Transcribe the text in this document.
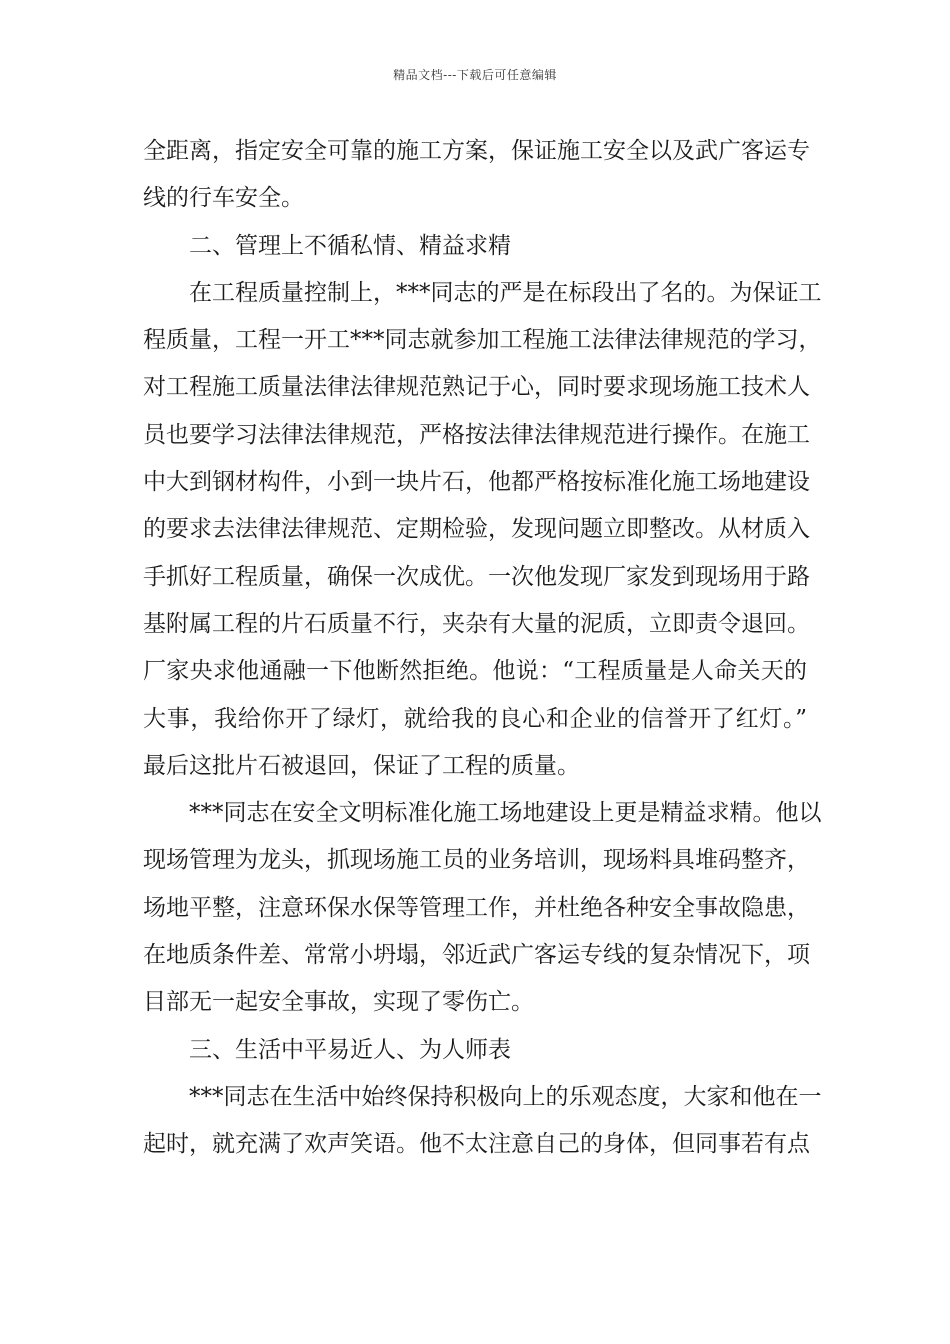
精品文档---下载后可任意编辑
全距离，指定安全可靠的施工方案，保证施工安全以及武广客运专
线的行车安全。
二、管理上不循私情、精益求精
在工程质量控制上，***同志的严是在标段出了名的。为保证工
程质量，工程一开工***同志就参加工程施工法律法律规范的学习，
对工程施工质量法律法律规范熟记于心，同时要求现场施工技术人
员也要学习法律法律规范，严格按法律法律规范进行操作。在施工
中大到钢材构件，小到一块片石，他都严格按标准化施工场地建设
的要求去法律法律规范、定期检验，发现问题立即整改。从材质入
手抓好工程质量，确保一次成优。一次他发现厂家发到现场用于路
基附属工程的片石质量不行，夹杂有大量的泥质，立即责令退回。
厂家央求他通融一下他断然拒绝。他说：“工程质量是人命关天的
大事，我给你开了绿灯，就给我的良心和企业的信誉开了红灯。”
最后这批片石被退回，保证了工程的质量。
***同志在安全文明标准化施工场地建设上更是精益求精。他以
现场管理为龙头，抓现场施工员的业务培训，现场料具堆码整齐，
场地平整，注意环保水保等管理工作，并杜绝各种安全事故隐患，
在地质条件差、常常小坍塌，邻近武广客运专线的复杂情况下，项
目部无一起安全事故，实现了零伤亡。
三、生活中平易近人、为人师表
***同志在生活中始终保持积极向上的乐观态度，大家和他在一
起时，就充满了欢声笑语。他不太注意自己的身体，但同事若有点
